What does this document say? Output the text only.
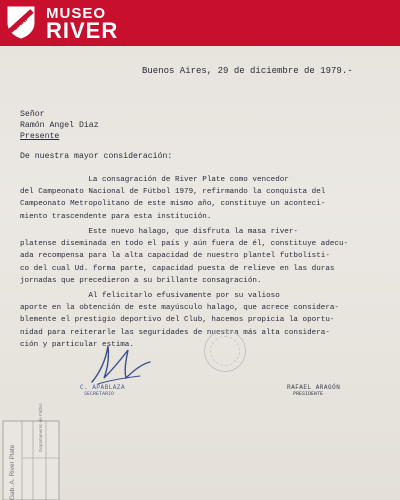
CARP
MUSEO
RIVER
Buenos Aires, 29 de diciembre de 1979.-
Señor
Ramón Angel Diaz
Presente
De nuestra mayor consideración:
La consagración de River Plate como vencedor
del Campeonato Nacional de Fútbol 1979, refirmando la conquista del
Campeonato Metropolitano de este mismo año, constituye un aconteci-
miento trascendente para esta institución.
Este nuevo halago, que disfruta la masa river-
platense diseminada en todo el país y aún fuera de él, constituye adecu-
ada recompensa para la alta capacidad de nuestro plantel futbolísti-
co del cual Ud. forma parte, capacidad puesta de relieve en las duras
jornadas que precedieron a su brillante consagración.
Al felicitarlo efusivamente por su valioso
aporte en la obtención de este mayúsculo halago, que acrece considera-
blemente el prestigio deportivo del Club, hacemos propicia la oportu-
nidad para reiterarle las seguridades de nuestra más alta considera-
ción y particular estima.
C. APABLAZA
SECRETARIO
RAFAEL ARAGÓN
PRESIDENTE
Gab. A. River Plate
Departamento de Fútbol
